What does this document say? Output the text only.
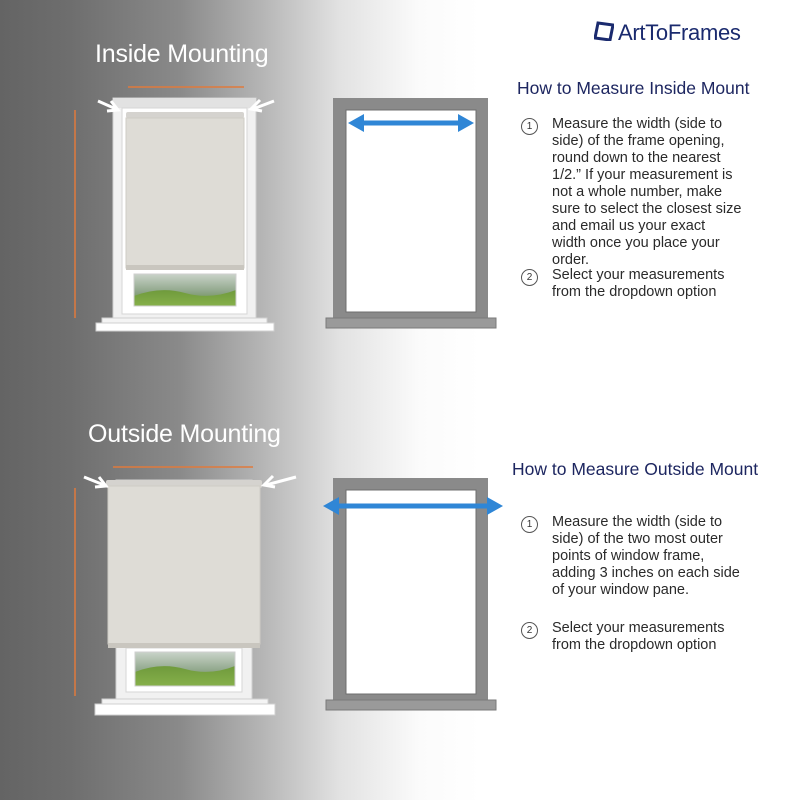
Inside Mounting
Outside Mounting
ArtToFrames
How to Measure Inside Mount
1	Measure the width (side to
side) of the frame opening,
round down to the nearest
1/2.” If your measurement is
not a whole number, make
sure to select the closest size
and email us your exact
width once you place your
order.
2	Select your measurements
from the dropdown option
How to Measure Outside Mount
1	Measure the width (side to
side) of the two most outer
points of window frame,
adding 3 inches on each side
of your window pane.
2	Select your measurements
from the dropdown option
